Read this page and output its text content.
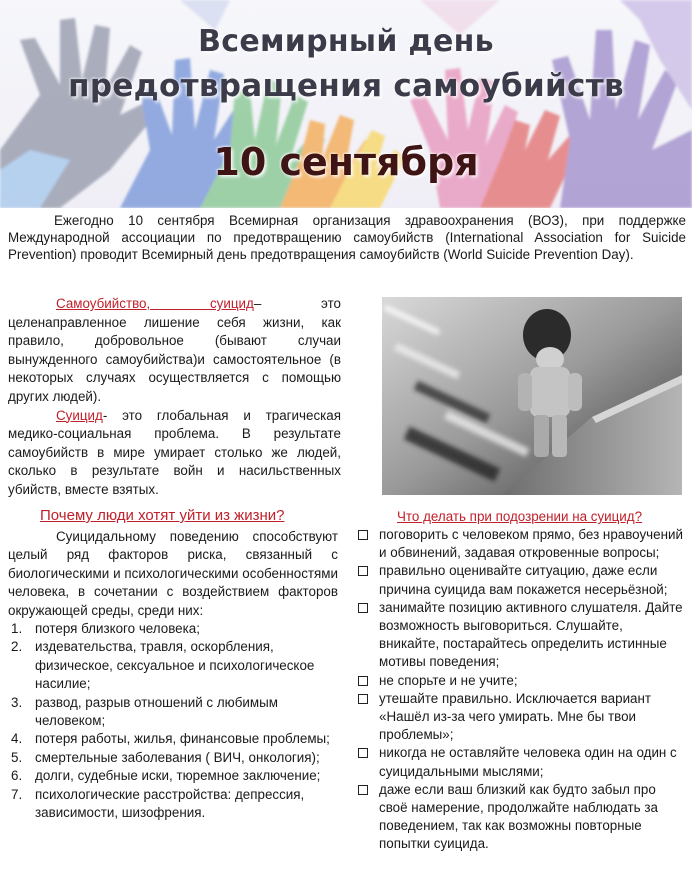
Всемирный день
предотвращения самоубийств
10 сентября

Ежегодно 10 сентября Всемирная организация здравоохранения (ВОЗ), при поддержке Международной ассоциации по предотвращению самоубийств (International Association for Suicide Prevention) проводит Всемирный день предотвращения самоубийств (World Suicide Prevention Day).

Самоубийство, суицид– это целенаправленное лишение себя жизни, как правило, добровольное (бывают случаи вынужденного самоубийства)и самостоятельное (в некоторых случаях осуществляется с помощью других людей).

Суицид- это глобальная и трагическая медико-социальная проблема. В результате самоубийств в мире умирает столько же людей, сколько в результате войн и насильственных убийств, вместе взятых.

Почему люди хотят уйти из жизни?

Суицидальному поведению способствуют целый ряд факторов риска, связанный с биологическими и психологическими особенностями человека, в сочетании с воздействием факторов окружающей среды, среди них:

1. потеря близкого человека;
2. издевательства, травля, оскорбления, физическое, сексуальное и психологическое насилие;
3. развод, разрыв отношений с любимым человеком;
4. потеря работы, жилья, финансовые проблемы;
5. смертельные заболевания ( ВИЧ, онкология);
6. долги, судебные иски, тюремное заключение;
7. психологические расстройства: депрессия, зависимости, шизофрения.
Что делать при подозрении на суицид?
поговорить с человеком прямо, без нравоучений и обвинений, задавая откровенные вопросы;
правильно оценивайте ситуацию, даже если причина суицида вам покажется несерьёзной;
занимайте позицию активного слушателя. Дайте возможность выговориться. Слушайте, вникайте, постарайтесь определить истинные мотивы поведения;
не спорьте и не учите;
утешайте правильно. Исключается вариант «Нашёл из-за чего умирать. Мне бы твои проблемы»;
никогда не оставляйте человека один на один с суицидальными мыслями;
даже если ваш близкий как будто забыл про своё намерение, продолжайте наблюдать за поведением, так как возможны повторные попытки суицида.
